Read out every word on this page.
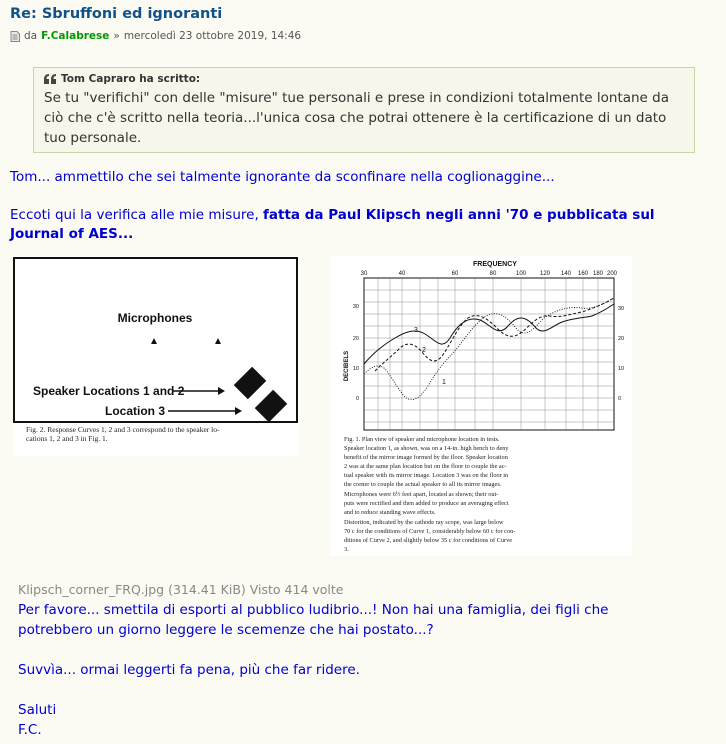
Re: Sbruffoni ed ignoranti
da F.Calabrese » mercoledì 23 ottobre 2019, 14:46
Tom Capraro ha scritto:
Se tu "verifichi" con delle "misure" tue personali e prese in condizioni totalmente lontane da ciò che c'è scritto nella teoria...l'unica cosa che potrai ottenere è la certificazione di un dato tuo personale.
Tom... ammettilo che sei talmente ignorante da sconfinare nella coglionaggine...
Eccoti qui la verifica alle mie misure, fatta da Paul Klipsch negli anni '70 e pubblicata sul Journal of AES...
Microphones
Speaker Locations 1 and 2
Location 3
Fig. 2. Response Curves 1, 2 and 3 correspond to the speaker lo-
cations 1, 2 and 3 in Fig. 1.
FREQUENCY
30	40	60	80	100 120 140 160 180 200
DECIBELS
30
20
10
0
30
20
10
0
3
2
1
Fig. 1. Plan view of speaker and microphone location in tests.
Speaker location 1, as shown, was on a 14-in. high bench to deny
benefit of the mirror image formed by the floor. Speaker location
2 was at the same plan location but on the floor to couple the ac-
tual speaker with its mirror image. Location 3 was on the floor in
the corner to couple the actual speaker to all its mirror images.
Microphones were 6½ feet apart, located as shown; their out-
puts were rectified and then added to produce an averaging effect
and to reduce standing wave effects.
Distortion, indicated by the cathode ray scope, was large below
70 c for the conditions of Curve 1, considerably below 60 c for con-
ditions of Curve 2, and slightly below 35 c for conditions of Curve
3.
Klipsch_corner_FRQ.jpg (314.41 KiB) Visto 414 volte

Per favore... smettila di esporti al pubblico ludibrio...! Non hai una famiglia, dei figli che

potrebbero un giorno leggere le scemenze che hai postato...?

Suvvìa... ormai leggerti fa pena, più che far ridere.

Saluti

F.C.
